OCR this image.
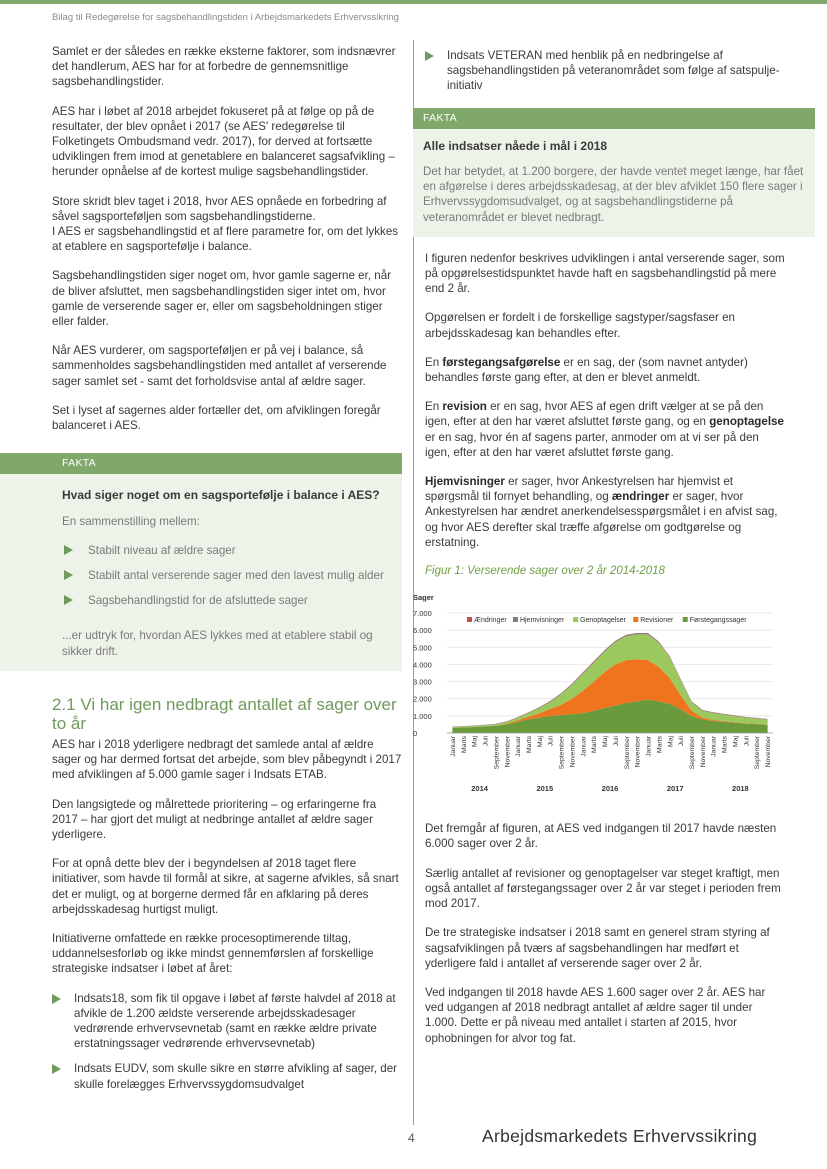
Bilag til Redegørelse for sagsbehandlingstiden i Arbejdsmarkedets Erhvervssikring
Samlet er der således en række eksterne faktorer, som indsnævrer det handlerum, AES har for at forbedre de gennemsnitlige sagsbehandlingstider.
AES har i løbet af 2018 arbejdet fokuseret på at følge op på de resultater, der blev opnået i 2017 (se AES' redegørelse til Folketingets Ombudsmand vedr. 2017), for derved at fortsætte udviklingen frem imod at genetablere en balanceret sagsafvikling – herunder opnåelse af de kortest mulige sagsbehandlingstider.
Store skridt blev taget i 2018, hvor AES opnåede en forbedring af såvel sagsporteføljen som sagsbehandlingstiderne.
I AES er sagsbehandlingstid et af flere parametre for, om det lykkes at etablere en sagsportefølje i balance.
Sagsbehandlingstiden siger noget om, hvor gamle sagerne er, når de bliver afsluttet, men sagsbehandlingstiden siger intet om, hvor gamle de verserende sager er, eller om sagsbeholdningen stiger eller falder.
Når AES vurderer, om sagsporteføljen er på vej i balance, så sammenholdes sagsbehandlingstiden med antallet af verserende sager samlet set - samt det forholdsvise antal af ældre sager.
Set i lyset af sagernes alder fortæller det, om afviklingen foregår balanceret i AES.
FAKTA
Hvad siger noget om en sagsportefølje i balance i AES?
En sammenstilling mellem:
Stabilt niveau af ældre sager
Stabilt antal verserende sager med den lavest mulig alder
Sagsbehandlingstid for de afsluttede sager
...er udtryk for, hvordan AES lykkes med at etablere stabil og sikker drift.
2.1 Vi har igen nedbragt antallet af sager over to år
AES har i 2018 yderligere nedbragt det samlede antal af ældre sager og har dermed fortsat det arbejde, som blev påbegyndt i 2017 med afviklingen af 5.000 gamle sager i Indsats ETAB.
Den langsigtede og målrettede prioritering – og erfaringerne fra 2017 – har gjort det muligt at nedbringe antallet af ældre sager yderligere.
For at opnå dette blev der i begyndelsen af 2018 taget flere initiativer, som havde til formål at sikre, at sagerne afvikles, så snart det er muligt, og at borgerne dermed får en afklaring på deres arbejdsskadesag hurtigst muligt.
Initiativerne omfattede en række procesoptimerende tiltag, uddannelsesforløb og ikke mindst gennemførslen af forskellige strategiske indsatser i løbet af året:
Indsats18, som fik til opgave i løbet af første halvdel af 2018 at afvikle de 1.200 ældste verserende arbejdsskadesager vedrørende erhvervsevnetab (samt en række ældre private erstatningssager vedrørende erhvervsevnetab)
Indsats EUDV, som skulle sikre en større afvikling af sager, der skulle forelægges Erhvervssygdomsudvalget
Indsats VETERAN med henblik på en nedbringelse af sagsbehandlingstiden på veteranområdet som følge af satspulje-initiativ
FAKTA
Alle indsatser nåede i mål i 2018
Det har betydet, at 1.200 borgere, der havde ventet meget længe, har fået en afgørelse i deres arbejdsskadesag, at der blev afviklet 150 flere sager i Erhvervssygdomsudvalget, og at sagsbehandlingstiderne på veteranområdet er blevet nedbragt.
I figuren nedenfor beskrives udviklingen i antal verserende sager, som på opgørelsestidspunktet havde haft en sagsbehandlingstid på mere end 2 år.
Opgørelsen er fordelt i de forskellige sagstyper/sagsfaser en arbejdsskadesag kan behandles efter.
En førstegangsafgørelse er en sag, der (som navnet antyder) behandles første gang efter, at den er blevet anmeldt.
En revision er en sag, hvor AES af egen drift vælger at se på den igen, efter at den har været afsluttet første gang, og en genoptagelse er en sag, hvor én af sagens parter, anmoder om at vi ser på den igen, efter at den har været afsluttet første gang.
Hjemvisninger er sager, hvor Ankestyrelsen har hjemvist et spørgsmål til fornyet behandling, og ændringer er sager, hvor Ankestyrelsen har ændret anerkendelsesspørgsmålet i en afvist sag, og hvor AES derefter skal træffe afgørelse om godtgørelse og erstatning.
Figur 1: Verserende sager over 2 år 2014-2018
Sager
0
1.000
2.000
3.000
4.000
5.000
6.000
7.000
Januar Marts Maj Juli September November Januar Marts Maj Juli September November Januar Marts Maj Juli September November Januar Marts Maj Juli September November Januar Marts Maj Juli September November
2014	2015	2016	2017	2018
Ændringer Hjemvisninger Genoptagelser Revisioner Førstegangssager
Det fremgår af figuren, at AES ved indgangen til 2017 havde næsten 6.000 sager over 2 år.
Særlig antallet af revisioner og genoptagelser var steget kraftigt, men også antallet af førstegangssager over 2 år var steget i perioden frem mod 2017.
De tre strategiske indsatser i 2018 samt en generel stram styring af sagsafviklingen på tværs af sagsbehandlingen har medført et yderligere fald i antallet af verserende sager over 2 år.
Ved indgangen til 2018 havde AES 1.600 sager over 2 år. AES har ved udgangen af 2018 nedbragt antallet af ældre sager til under 1.000. Dette er på niveau med antallet i starten af 2015, hvor ophobningen for alvor tog fat.
4	Arbejdsmarkedets Erhvervssikring
